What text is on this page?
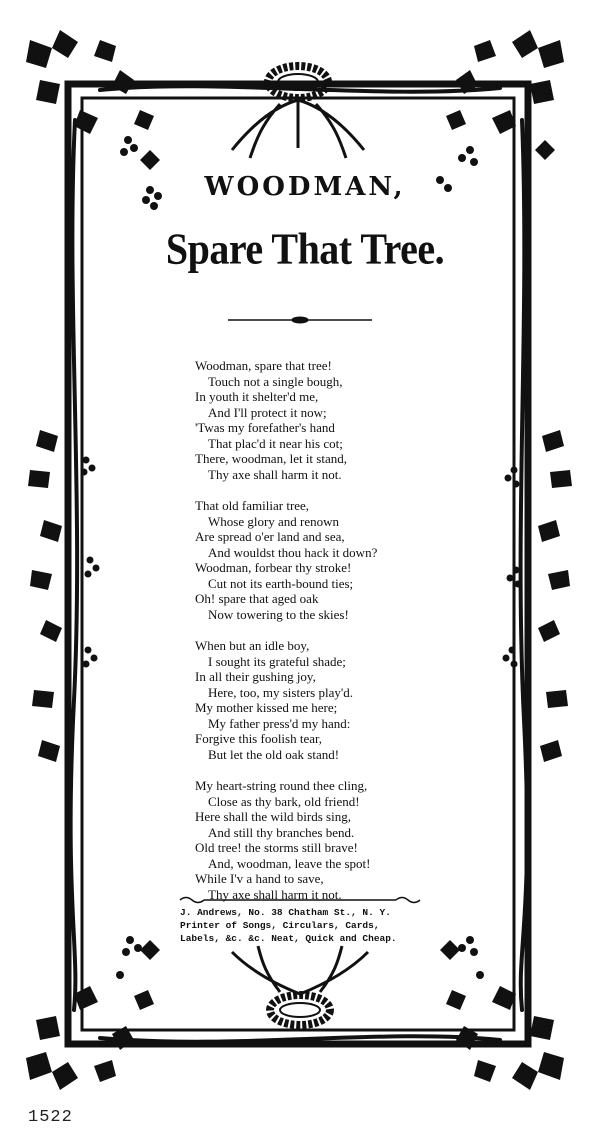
WOODMAN,
Spare That Tree.
Woodman, spare that tree!
Touch not a single bough,
In youth it shelter'd me,
And I'll protect it now;
'Twas my forefather's hand
That plac'd it near his cot;
There, woodman, let it stand,
Thy axe shall harm it not.
That old familiar tree,
Whose glory and renown
Are spread o'er land and sea,
And wouldst thou hack it down?
Woodman, forbear thy stroke!
Cut not its earth-bound ties;
Oh! spare that aged oak
Now towering to the skies!
When but an idle boy,
I sought its grateful shade;
In all their gushing joy,
Here, too, my sisters play'd.
My mother kissed me here;
My father press'd my hand:
Forgive this foolish tear,
But let the old oak stand!
My heart-string round thee cling,
Close as thy bark, old friend!
Here shall the wild birds sing,
And still thy branches bend.
Old tree! the storms still brave!
And, woodman, leave the spot!
While I'v a hand to save,
Thy axe shall harm it not.
J. Andrews, No. 38 Chatham St., N. Y.
Printer of Songs, Circulars, Cards,
Labels, &c. &c. Neat, Quick and Cheap.
1522
